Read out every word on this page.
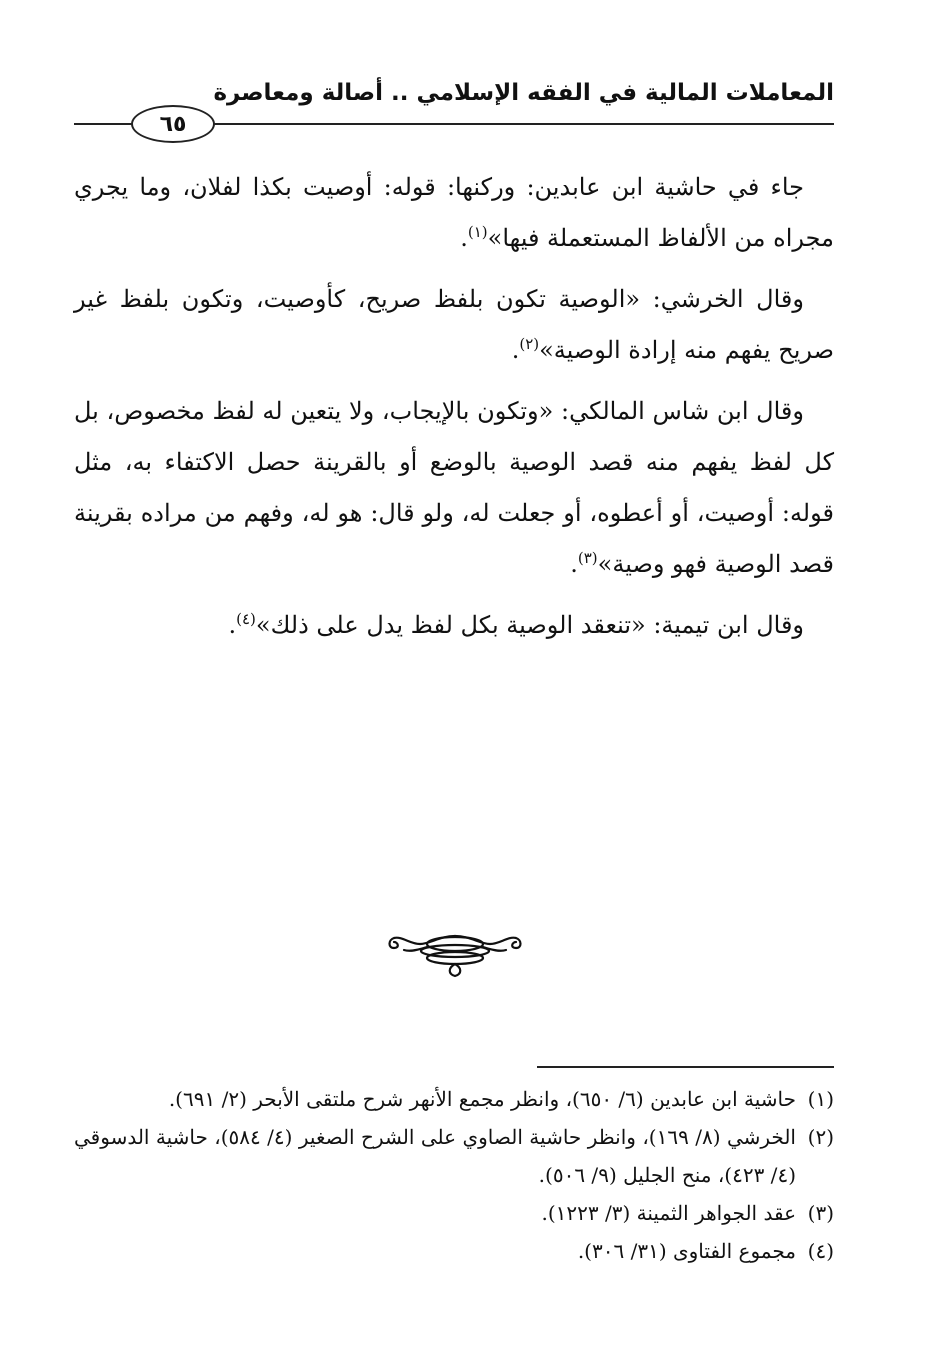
المعاملات المالية في الفقه الإسلامي .. أصالة ومعاصرة
٦٥

جاء في حاشية ابن عابدين: وركنها: قوله: أوصيت بكذا لفلان، وما يجري مجراه من الألفاظ المستعملة فيها»$^{(١)}$.

وقال الخرشي: «الوصية تكون بلفظ صريح، كأوصيت، وتكون بلفظ غير صريح يفهم منه إرادة الوصية»$^{(٢)}$.

وقال ابن شاس المالكي: «وتكون بالإيجاب، ولا يتعين له لفظ مخصوص، بل كل لفظ يفهم منه قصد الوصية بالوضع أو بالقرينة حصل الاكتفاء به، مثل قوله: أوصيت، أو أعطوه، أو جعلت له، ولو قال: هو له، وفهم من مراده بقرينة قصد الوصية فهو وصية»$^{(٣)}$.

وقال ابن تيمية: «تنعقد الوصية بكل لفظ يدل على ذلك»$^{(٤)}$.

(١)
حاشية ابن عابدين (٦/ ٦٥٠)، وانظر مجمع الأنهر شرح ملتقى الأبحر (٢/ ٦٩١).

(٢)
الخرشي (٨/ ١٦٩)، وانظر حاشية الصاوي على الشرح الصغير (٤/ ٥٨٤)، حاشية الدسوقي (٤/ ٤٢٣)، منح الجليل (٩/ ٥٠٦).

(٣)
عقد الجواهر الثمينة (٣/ ١٢٢٣).

(٤)
مجموع الفتاوى (٣١/ ٣٠٦).
